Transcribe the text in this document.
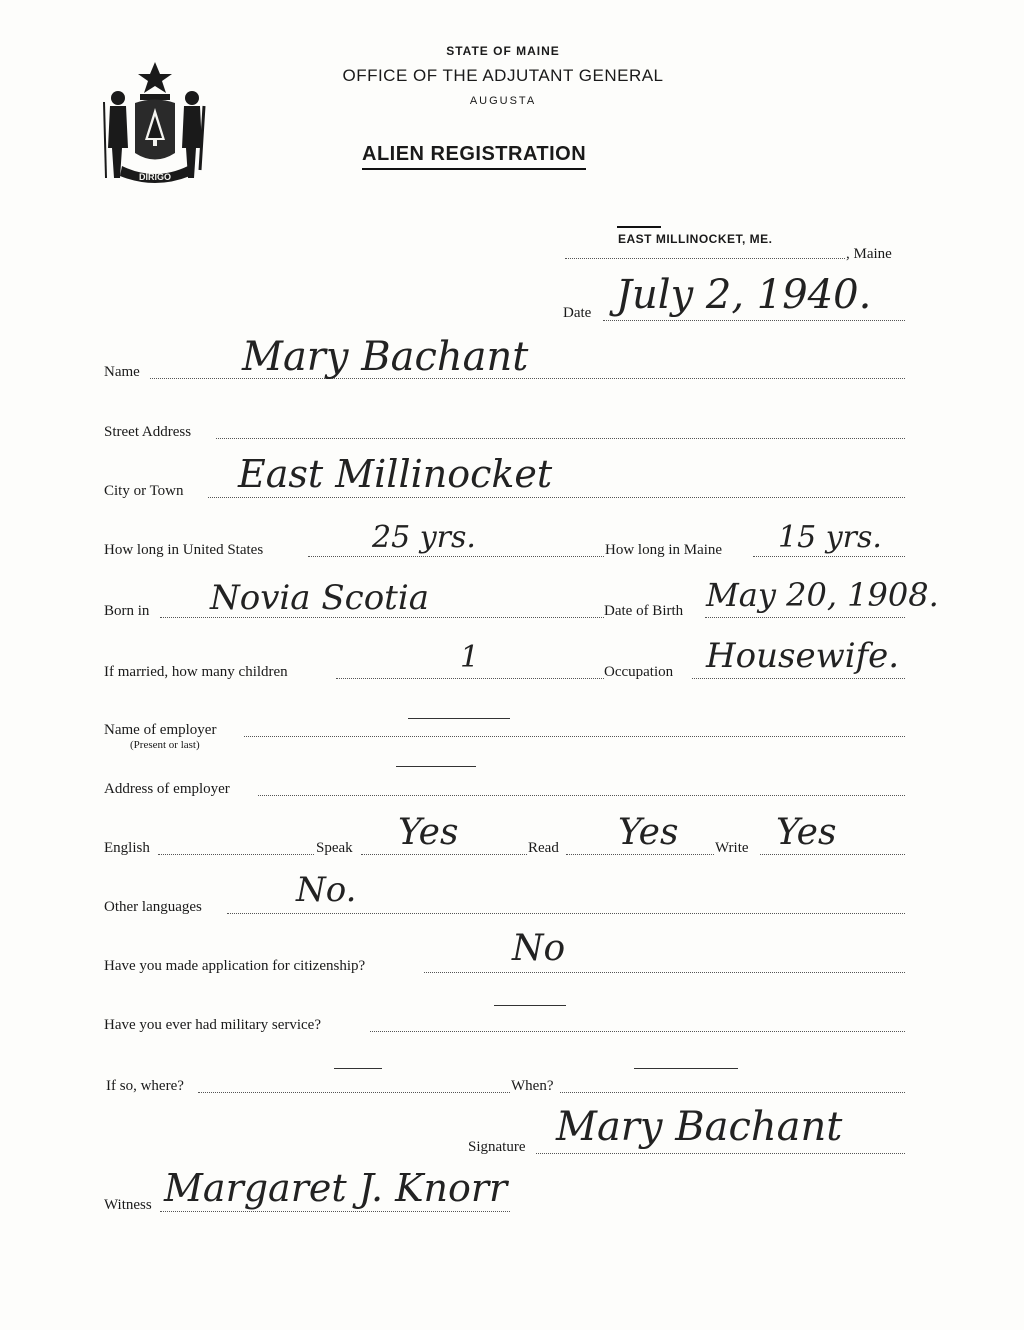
DIRIGO
STATE OF MAINE
OFFICE OF THE ADJUTANT GENERAL
AUGUSTA
ALIEN REGISTRATION
EAST MILLINOCKET, ME.
, Maine
Date July 2, 1940.
Name	Mary Bachant
Street Address
City or Town East Millinocket
How long in United States	25 yrs.	How long in Maine 15 yrs.
Born in Novia Scotia	Date of Birth May 20, 1908.
If married, how many children	1	Occupation Housewife.
Name of employer
(Present or last)
Address of employer
English	Speak Yes	Read Yes Write Yes
Other languages	No.
Have you made application for citizenship?	No
Have you ever had military service?
If so, where?	When?
Signature Mary Bachant
Witness Margaret J. Knorr
